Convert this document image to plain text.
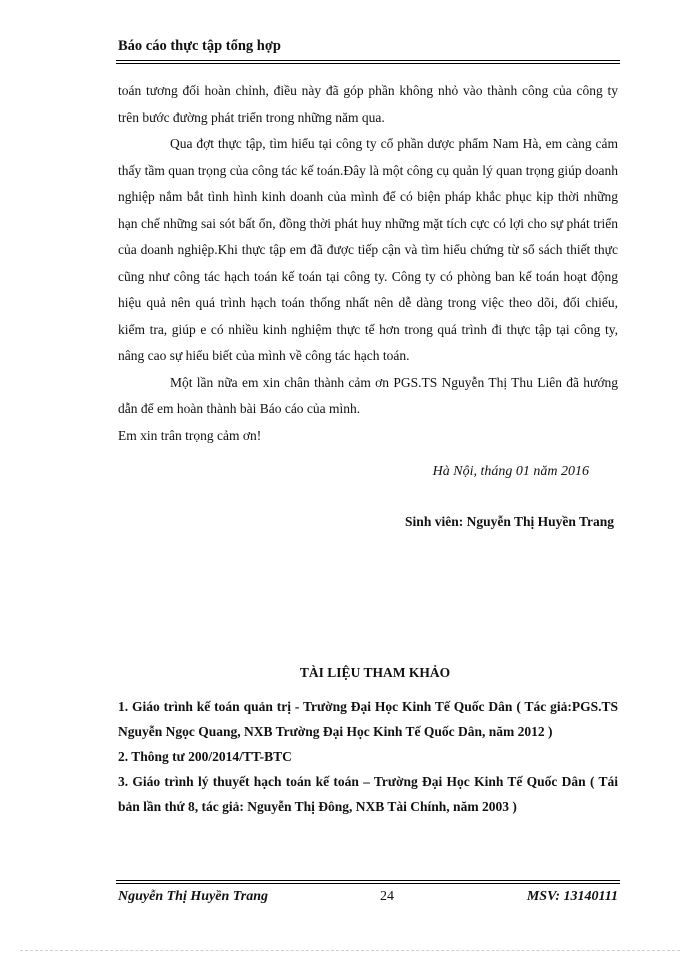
Báo cáo thực tập tổng hợp

toán tương đối hoàn chỉnh, điều này đã góp phần không nhỏ vào thành công của công ty trên bước đường phát triển trong những năm qua.

Qua đợt thực tập, tìm hiểu tại công ty cổ phần dược phẩm Nam Hà, em càng cảm thấy tầm quan trọng của công tác kế toán.Đây là một công cụ quản lý quan trọng giúp doanh nghiệp nắm bắt tình hình kinh doanh của mình để có biện pháp khắc phục kịp thời những hạn chế những sai sót bất ổn, đồng thời phát huy những mặt tích cực có lợi cho sự phát triển của doanh nghiệp.Khi thực tập em đã được tiếp cận và tìm hiểu chứng từ sổ sách thiết thực cũng như công tác hạch toán kế toán tại công ty. Công ty có phòng ban kế toán hoạt động hiệu quả nên quá trình hạch toán thống nhất nên dễ dàng trong việc theo dõi, đối chiếu, kiểm tra, giúp e có nhiều kinh nghiệm thực tế hơn trong quá trình đi thực tập tại công ty, nâng cao sự hiểu biết của mình về công tác hạch toán.

Một lần nữa em xin chân thành cảm ơn PGS.TS Nguyễn Thị Thu Liên đã hướng dẫn để em hoàn thành bài Báo cáo của mình.

Em xin trân trọng cảm ơn!

Hà Nội, tháng 01 năm 2016
Sinh viên: Nguyễn Thị Huyền Trang
TÀI LIỆU THAM KHẢO

1. Giáo trình kế toán quản trị - Trường Đại Học Kinh Tế Quốc Dân ( Tác giả:PGS.TS Nguyễn Ngọc Quang, NXB Trường Đại Học Kinh Tế Quốc Dân, năm 2012 )

2. Thông tư 200/2014/TT-BTC

3. Giáo trình lý thuyết hạch toán kế toán – Trường Đại Học Kinh Tế Quốc Dân ( Tái bản lần thứ 8, tác giả: Nguyễn Thị Đông, NXB Tài Chính, năm 2003 )

Nguyễn Thị Huyền Trang	24	MSV: 13140111
